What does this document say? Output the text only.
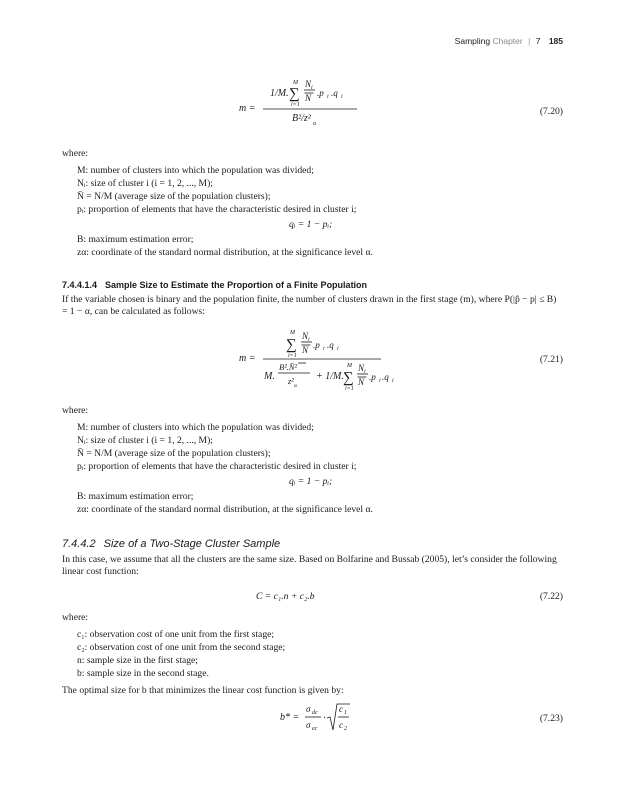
Sampling Chapter | 7 185
m =
1/M.
M
∑
i=1
N i
N .p i .q i
B²/z² α
(7.20)
where:
M: number of clusters into which the population was divided;
Nᵢ: size of cluster i (i = 1, 2, ..., M);
N̄ = N/M (average size of the population clusters);
pᵢ: proportion of elements that have the characteristic desired in cluster i;
qᵢ = 1 − pᵢ;
B: maximum estimation error;
zα: coordinate of the standard normal distribution, at the significance level α.
7.4.4.1.4 Sample Size to Estimate the Proportion of a Finite Population
If the variable chosen is binary and the population finite, the number of clusters drawn in the first stage (m), where P(|p̂ − p| ≤ B) = 1 − α, can be calculated as follows:
m =
M
∑
i=1
N i
N .p i .q i
M.
B².N̄²
z² α
+ 1/M.
M
∑
i=1
N i
N .p i .q i
(7.21)
where:
M: number of clusters into which the population was divided;
Nᵢ: size of cluster i (i = 1, 2, ..., M);
N̄ = N/M (average size of the population clusters);
pᵢ: proportion of elements that have the characteristic desired in cluster i;
qᵢ = 1 − pᵢ;
B: maximum estimation error;
zα: coordinate of the standard normal distribution, at the significance level α.
7.4.4.2 Size of a Two-Stage Cluster Sample
In this case, we assume that all the clusters are the same size. Based on Bolfarine and Bussab (2005), let’s consider the following linear cost function:
C = c₁.n + c₂.b	(7.22)
where:
c₁: observation cost of one unit from the first stage;
c₂: observation cost of one unit from the second stage;
n: sample size in the first stage;
b: sample size in the second stage.
The optimal size for b that minimizes the linear cost function is given by:
b* =
σ dc
σ ec
·
c 1
c 2
(7.23)
